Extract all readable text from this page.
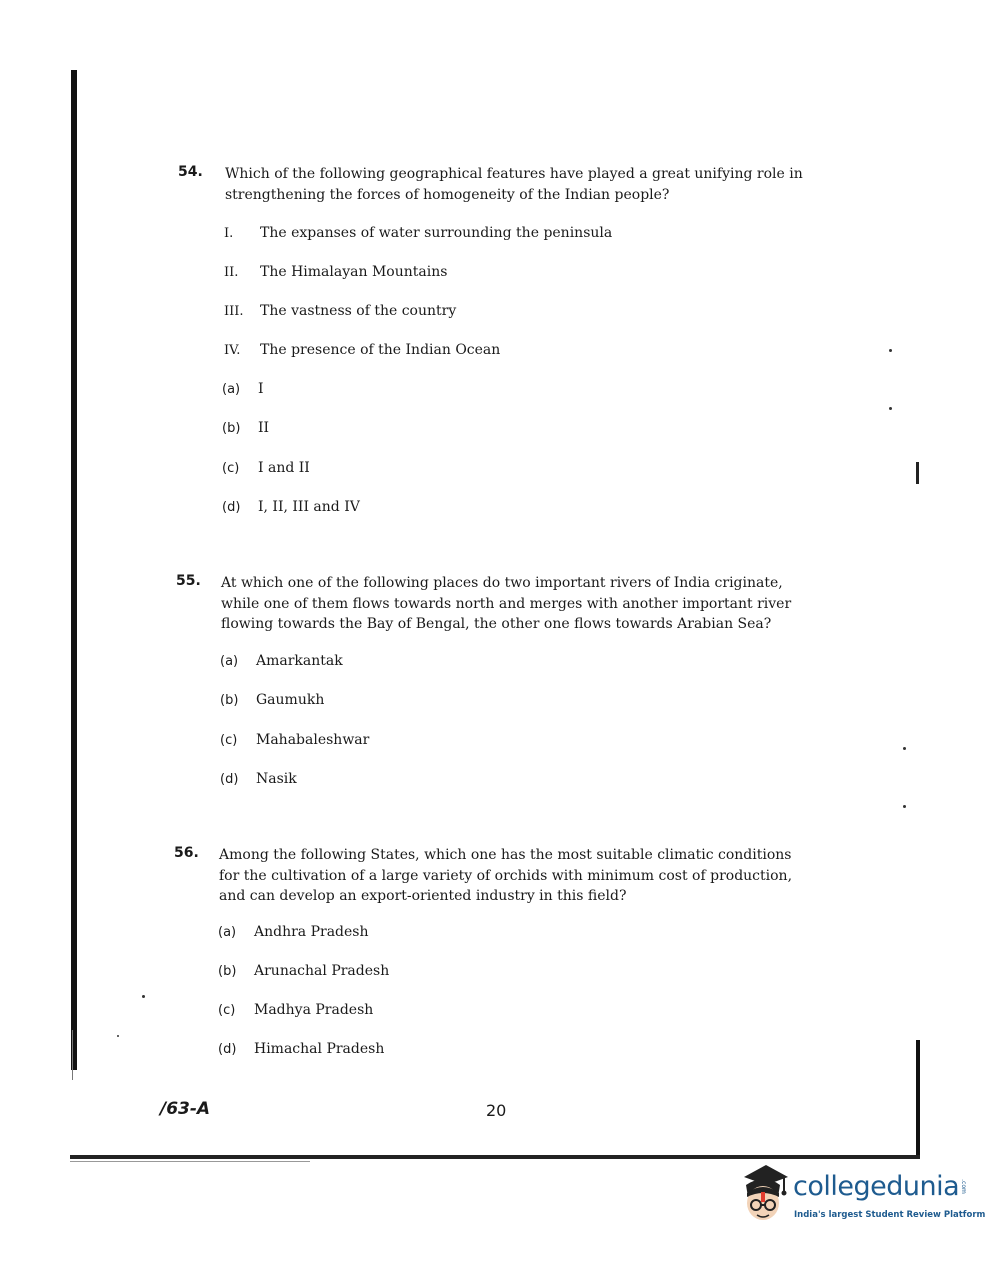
54. Which of the following geographical features have played a great unifying role in strengthening the forces of homogeneity of the Indian people?
I. The expanses of water surrounding the peninsula
II. The Himalayan Mountains
III. The vastness of the country
IV. The presence of the Indian Ocean
(a) I
(b) II
(c) I and II
(d) I, II, III and IV
55. At which one of the following places do two important rivers of India criginate, while one of them flows towards north and merges with another important river flowing towards the Bay of Bengal, the other one flows towards Arabian Sea?
(a) Amarkantak
(b) Gaumukh
(c) Mahabaleshwar
(d) Nasik
56. Among the following States, which one has the most suitable climatic conditions for the cultivation of a large variety of orchids with minimum cost of production, and can develop an export-oriented industry in this field?
(a) Andhra Pradesh
(b) Arunachal Pradesh
(c) Madhya Pradesh
(d) Himachal Pradesh
/63-A	20
collegedunia .com
India's largest Student Review Platform
